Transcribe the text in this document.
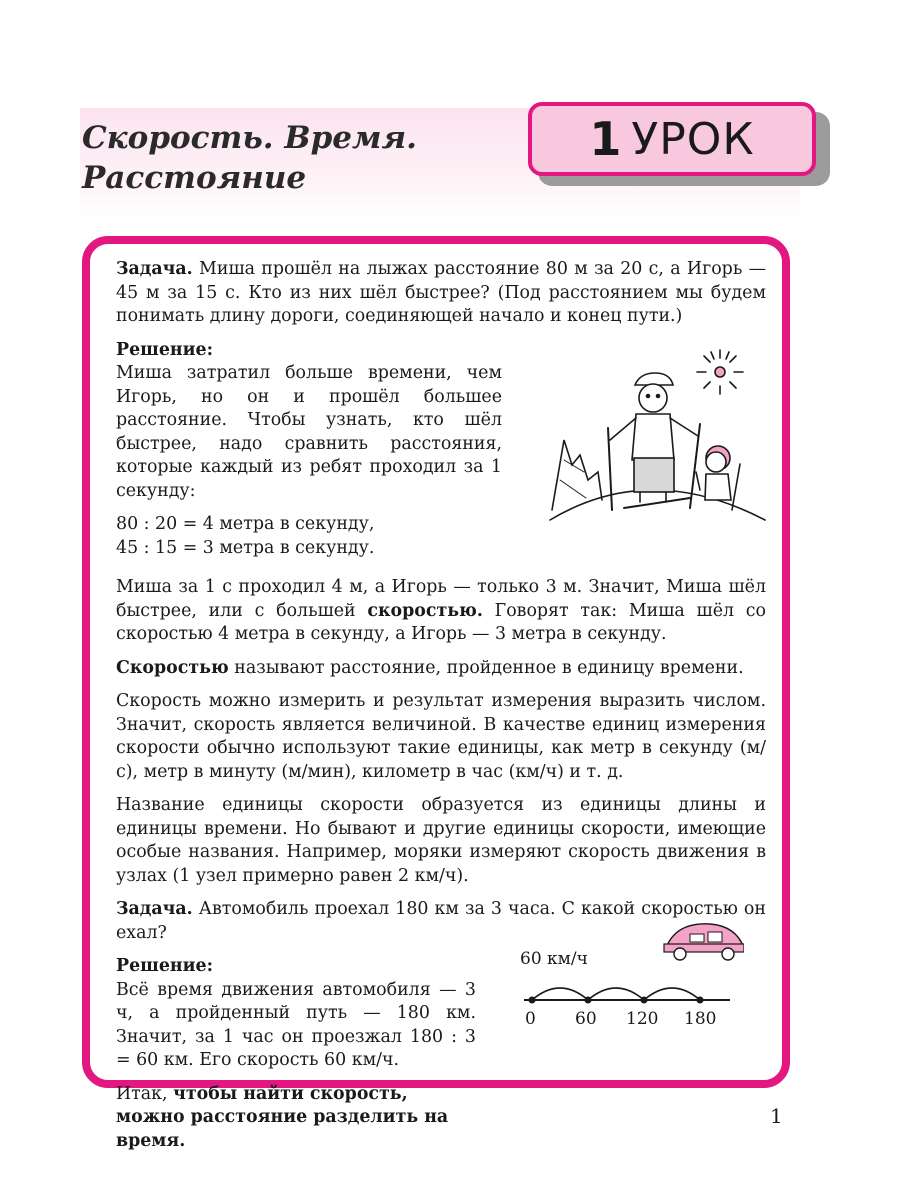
Скорость. Время.
Расстояние
1 УРОК

Задача. Миша прошёл на лыжах расстояние 80 м за 20 с, а Игорь — 45 м за 15 с. Кто из них шёл быстрее? (Под расстоянием мы будем понимать длину дороги, соединяющей начало и конец пути.)

Решение:

Миша затратил больше времени, чем Игорь, но он и прошёл большее расстояние. Чтобы узнать, кто шёл быстрее, надо сравнить расстояния, которые каждый из ребят проходил за 1 секунду:

80 : 20 = 4 метра в секунду,

45 : 15 = 3 метра в секунду.

Миша за 1 с проходил 4 м, а Игорь — только 3 м. Значит, Миша шёл быстрее, или с большей скоростью. Говорят так: Миша шёл со скоростью 4 метра в секунду, а Игорь — 3 метра в секунду.

Скоростью называют расстояние, пройденное в единицу времени.

Скорость можно измерить и результат измерения выразить числом. Значит, скорость является величиной. В качестве единиц измерения скорости обычно используют такие единицы, как метр в секунду (м/с), метр в минуту (м/мин), километр в час (км/ч) и т. д.

Название единицы скорости образуется из единицы длины и единицы времени. Но бывают и другие единицы скорости, имеющие особые названия. Например, моряки измеряют скорость движения в узлах (1 узел примерно равен 2 км/ч).

Задача. Автомобиль проехал 180 км за 3 часа. С какой скоростью он ехал?

Решение:

Всё время движения автомобиля — 3 ч, а пройденный путь — 180 км. Значит, за 1 час он проезжал 180 : 3 = 60 км. Его скорость 60 км/ч.

Итак, чтобы найти скорость, можно расстояние разделить на время.

60 км/ч
0 60 120 180
1
